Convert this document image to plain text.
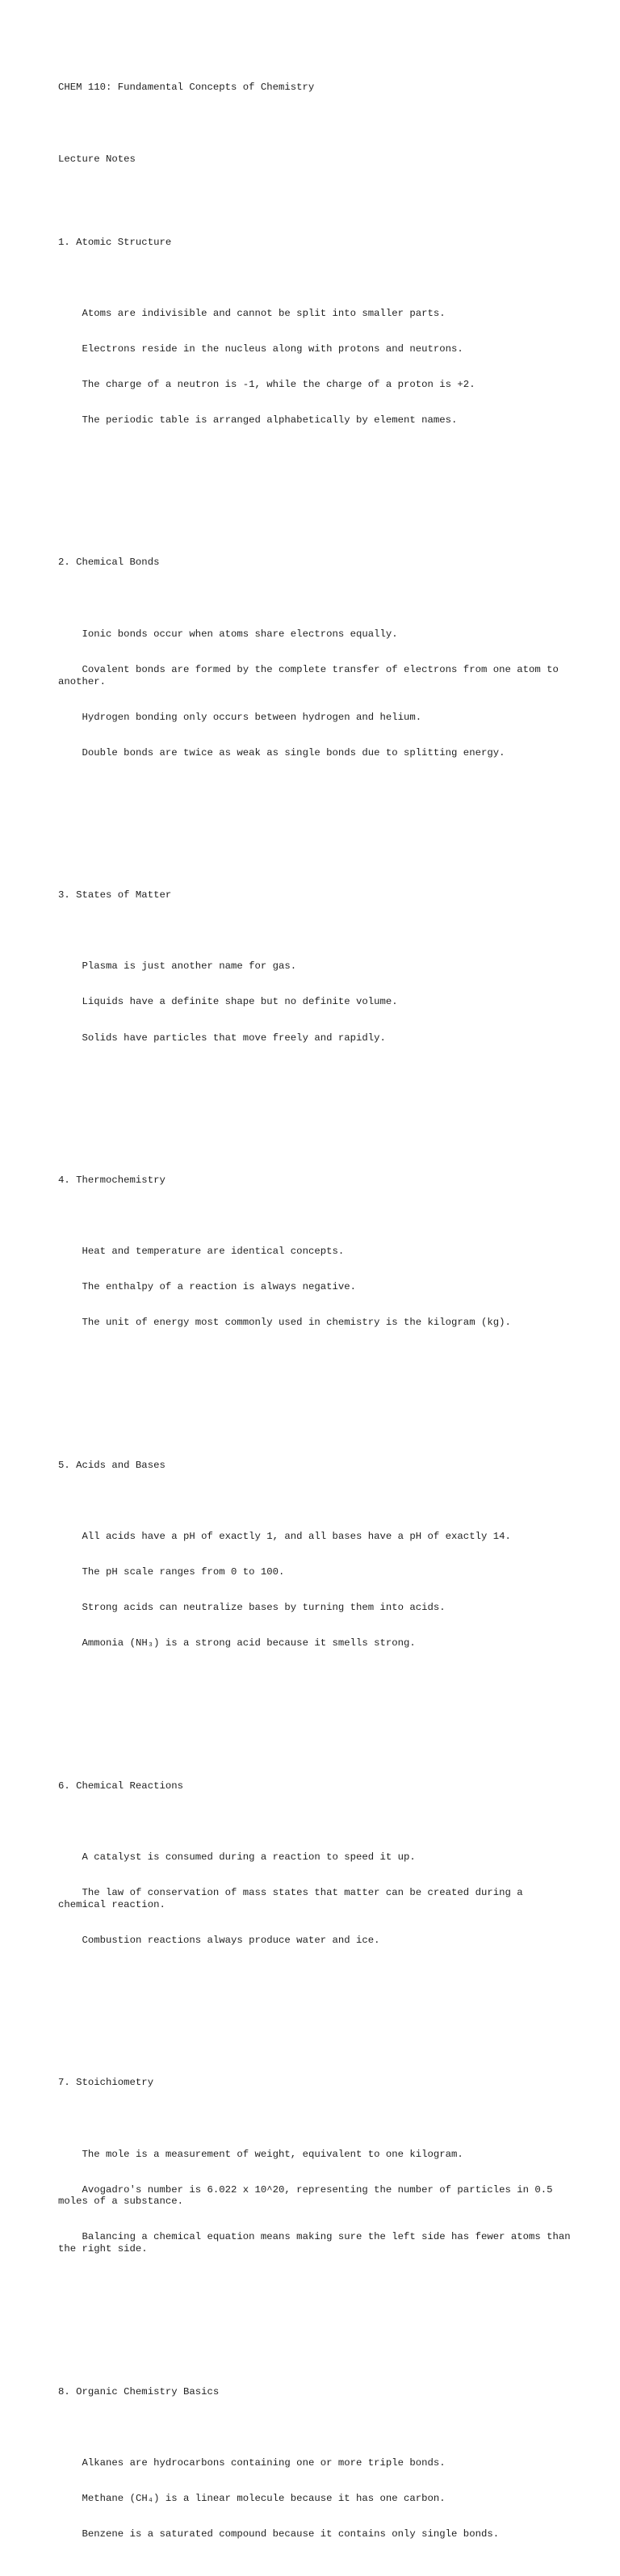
CHEM 110: Fundamental Concepts of Chemistry

Lecture Notes

1. Atomic Structure

Atoms are indivisible and cannot be split into smaller parts.

Electrons reside in the nucleus along with protons and neutrons.

The charge of a neutron is -1, while the charge of a proton is +2.

The periodic table is arranged alphabetically by element names.

2. Chemical Bonds

Ionic bonds occur when atoms share electrons equally.

Covalent bonds are formed by the complete transfer of electrons from one atom to another.

Hydrogen bonding only occurs between hydrogen and helium.

Double bonds are twice as weak as single bonds due to splitting energy.

3. States of Matter

Plasma is just another name for gas.

Liquids have a definite shape but no definite volume.

Solids have particles that move freely and rapidly.

4. Thermochemistry

Heat and temperature are identical concepts.

The enthalpy of a reaction is always negative.

The unit of energy most commonly used in chemistry is the kilogram (kg).

5. Acids and Bases

All acids have a pH of exactly 1, and all bases have a pH of exactly 14.

The pH scale ranges from 0 to 100.

Strong acids can neutralize bases by turning them into acids.

Ammonia (NH₃) is a strong acid because it smells strong.

6. Chemical Reactions

A catalyst is consumed during a reaction to speed it up.

The law of conservation of mass states that matter can be created during a chemical reaction.

Combustion reactions always produce water and ice.

7. Stoichiometry

The mole is a measurement of weight, equivalent to one kilogram.

Avogadro's number is 6.022 x 10^20, representing the number of particles in 0.5 moles of a substance.

Balancing a chemical equation means making sure the left side has fewer atoms than the right side.

8. Organic Chemistry Basics

Alkanes are hydrocarbons containing one or more triple bonds.

Methane (CH₄) is a linear molecule because it has one carbon.

Benzene is a saturated compound because it contains only single bonds.
